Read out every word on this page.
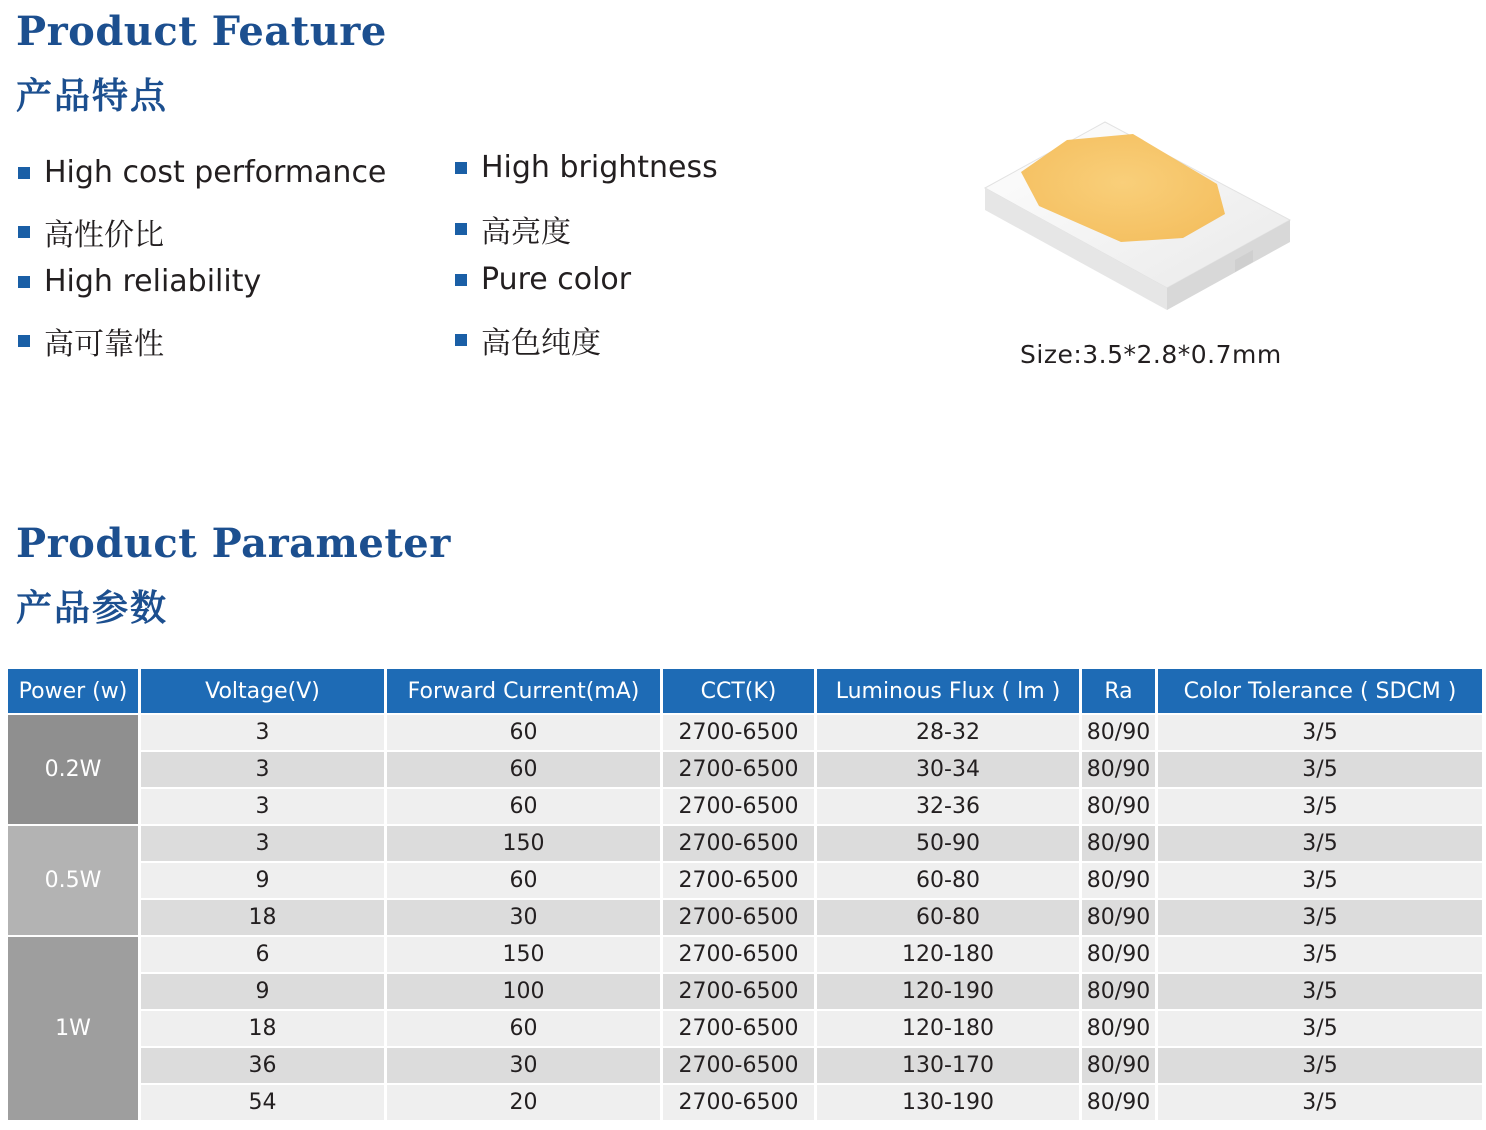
Product Feature
产品特点
High cost performance
高性价比
High reliability
高可靠性
High brightness
高亮度
Pure color
高色纯度	Size:3.5*2.8*0.7mm
Product Parameter
产品参数
Power (w)	Voltage(V)	Forward Current(mA)	CCT(K)	Luminous Flux ( lm )	Ra	Color Tolerance ( SDCM )
0.2W	3	60	2700-6500	28-32	80/90	3/5
	3	60	2700-6500	30-34	80/90	3/5
	3	60	2700-6500	32-36	80/90	3/5
0.5W	3	150	2700-6500	50-90	80/90	3/5
	9	60	2700-6500	60-80	80/90	3/5
	18	30	2700-6500	60-80	80/90	3/5
1W	6	150	2700-6500	120-180	80/90	3/5
	9	100	2700-6500	120-190	80/90	3/5
	18	60	2700-6500	120-180	80/90	3/5
	36	30	2700-6500	130-170	80/90	3/5
	54	20	2700-6500	130-190	80/90	3/5
